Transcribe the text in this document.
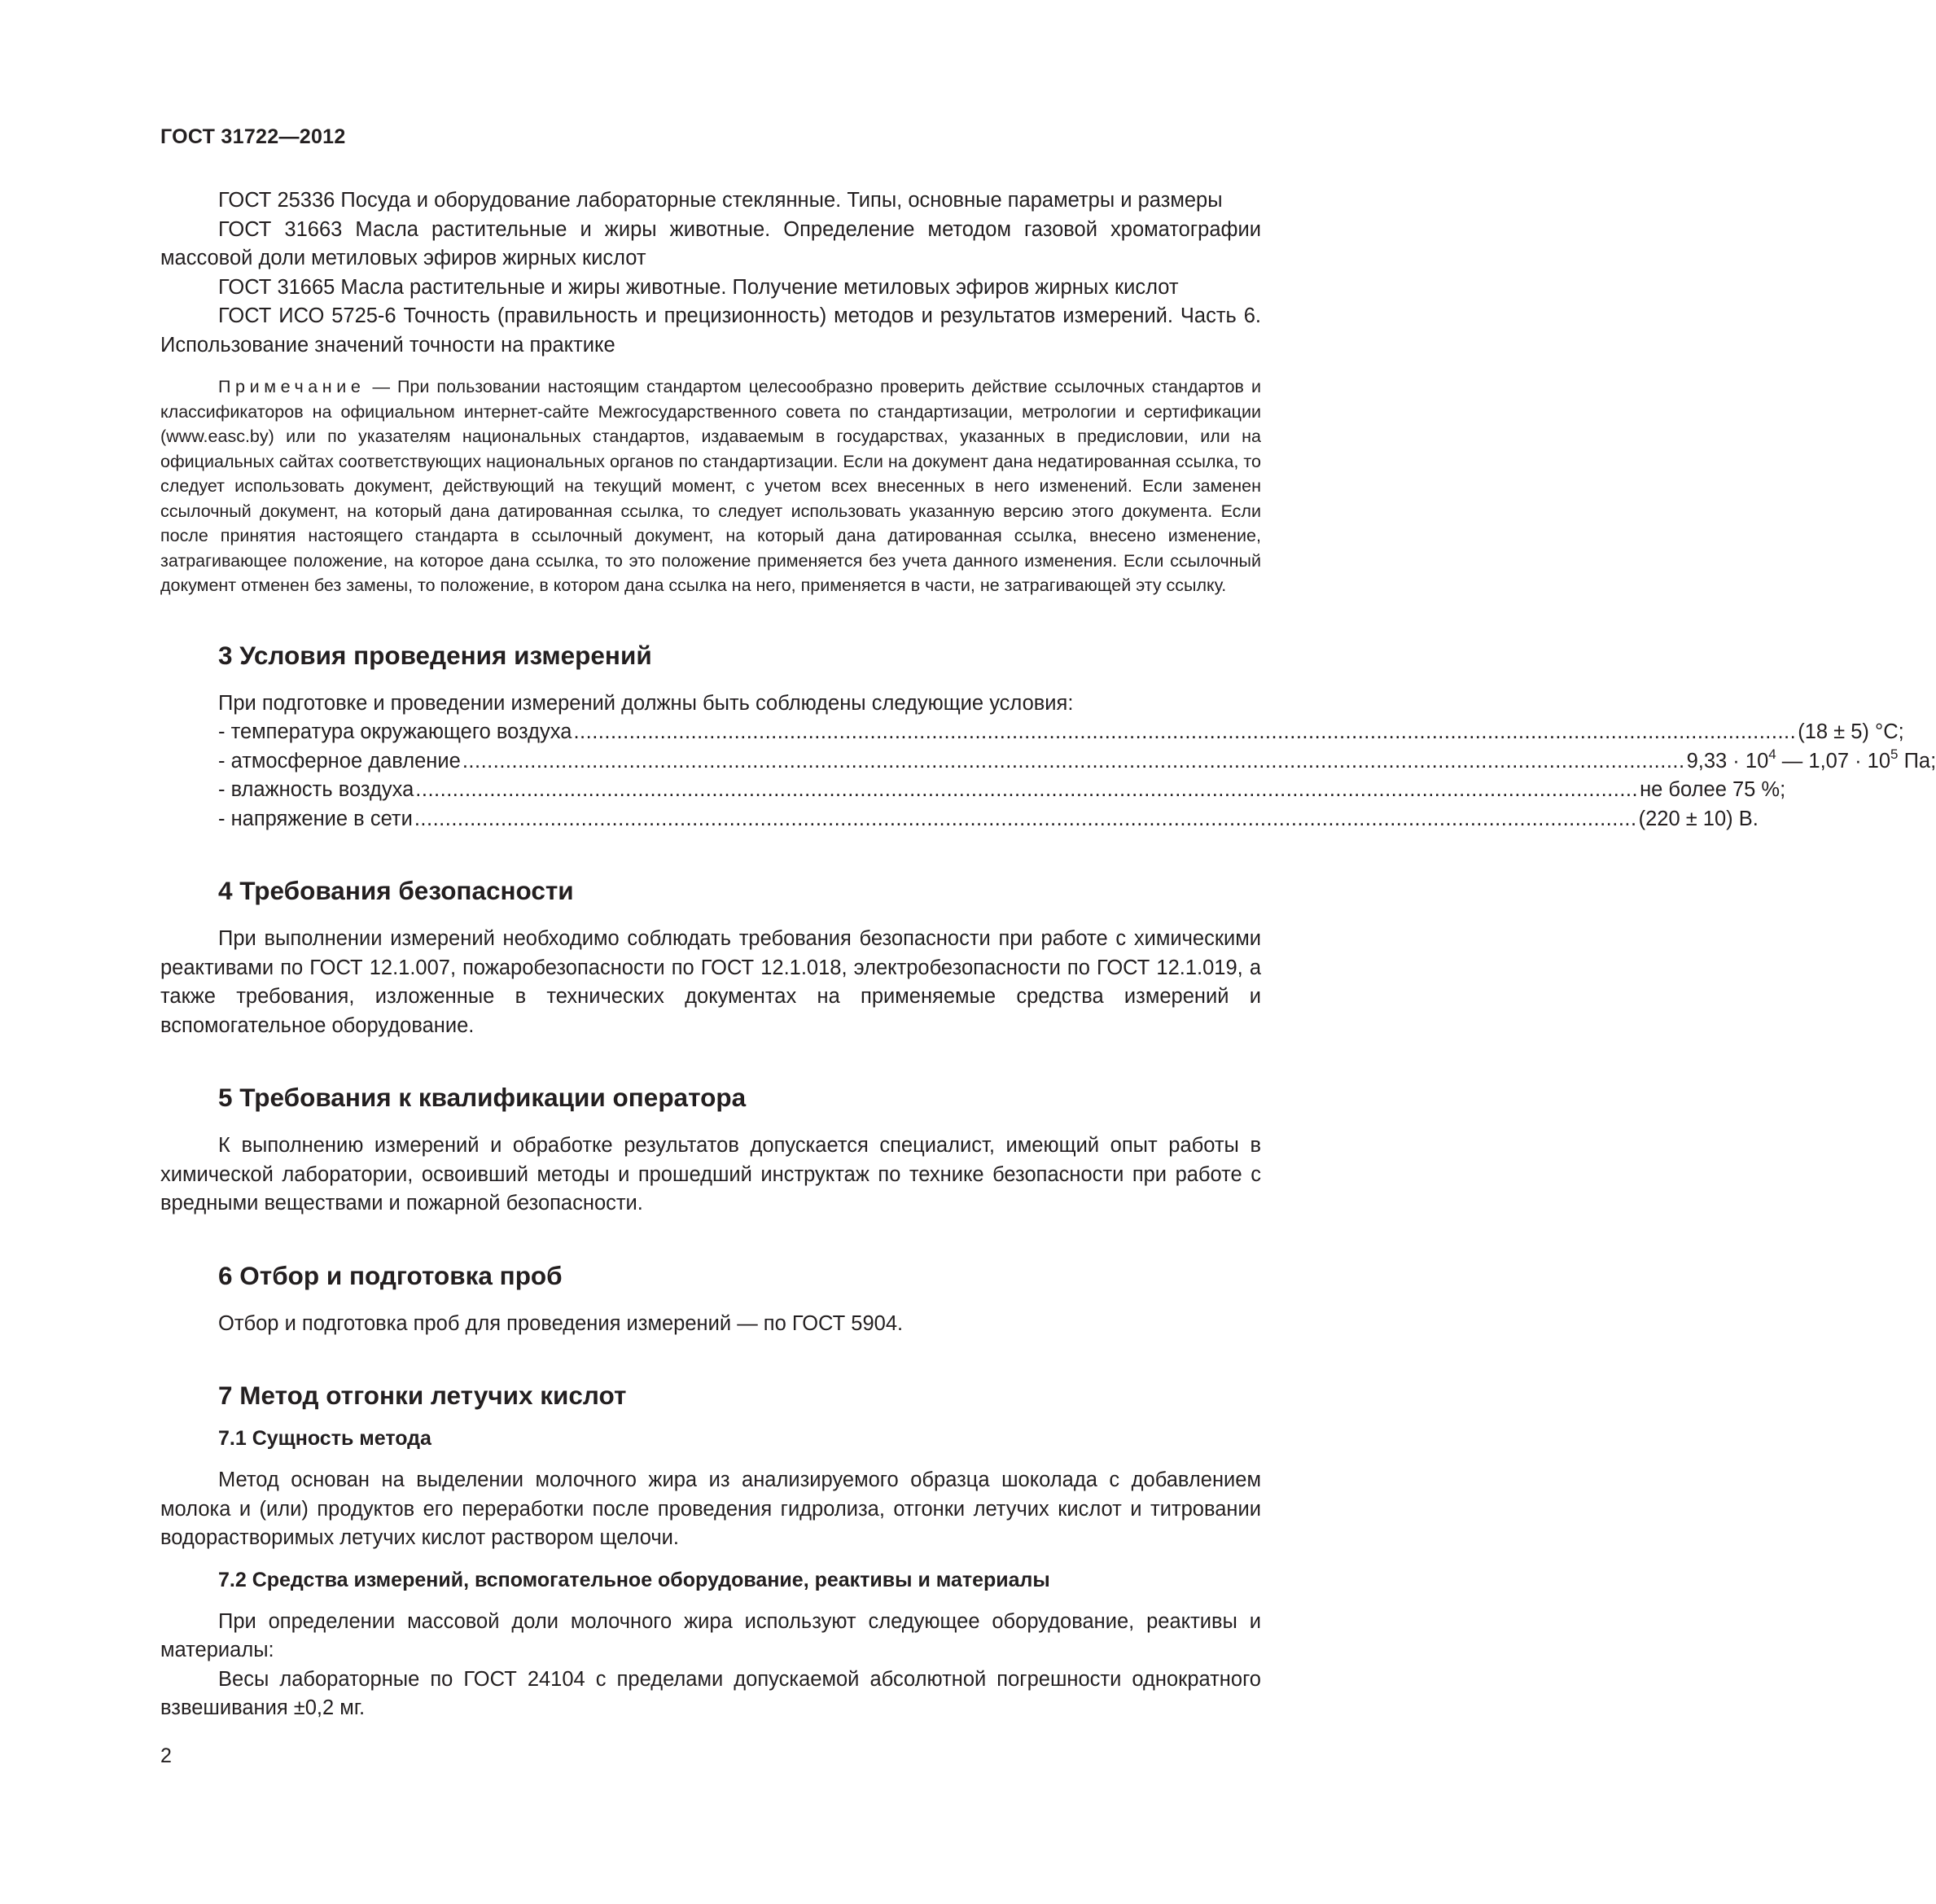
ГОСТ 31722—2012

ГОСТ 25336 Посуда и оборудование лабораторные стеклянные. Типы, основные параметры и размеры

ГОСТ 31663 Масла растительные и жиры животные. Определение методом газовой хроматографии массовой доли метиловых эфиров жирных кислот

ГОСТ 31665 Масла растительные и жиры животные. Получение метиловых эфиров жирных кислот

ГОСТ ИСО 5725-6 Точность (правильность и прецизионность) методов и результатов измерений. Часть 6. Использование значений точности на практике

Примечание — При пользовании настоящим стандартом целесообразно проверить действие ссылочных стандартов и классификаторов на официальном интернет-сайте Межгосударственного совета по стандартизации, метрологии и сертификации (www.easc.by) или по указателям национальных стандартов, издаваемым в государствах, указанных в предисловии, или на официальных сайтах соответствующих национальных органов по стандартизации. Если на документ дана недатированная ссылка, то следует использовать документ, действующий на текущий момент, с учетом всех внесенных в него изменений. Если заменен ссылочный документ, на который дана датированная ссылка, то следует использовать указанную версию этого документа. Если после принятия настоящего стандарта в ссылочный документ, на который дана датированная ссылка, внесено изменение, затрагивающее положение, на которое дана ссылка, то это положение применяется без учета данного изменения. Если ссылочный документ отменен без замены, то положение, в котором дана ссылка на него, применяется в части, не затрагивающей эту ссылку.

3 Условия проведения измерений

При подготовке и проведении измерений должны быть соблюдены следующие условия:

- температура окружающего воздуха ...................................................................................................................................................................................................... (18 ± 5) °C;
- атмосферное давление ...................................................................................................................................................................................................... $9,33 \cdot 10^4$ — $1,07 \cdot 10^5$ Па;
- влажность воздуха ...................................................................................................................................................................................................... не более 75 %;
- напряжение в сети ...................................................................................................................................................................................................... (220 ± 10) В.
4 Требования безопасности

При выполнении измерений необходимо соблюдать требования безопасности при работе с химическими реактивами по ГОСТ 12.1.007, пожаробезопасности по ГОСТ 12.1.018, электробезопасности по ГОСТ 12.1.019, а также требования, изложенные в технических документах на применяемые средства измерений и вспомогательное оборудование.

5 Требования к квалификации оператора

К выполнению измерений и обработке результатов допускается специалист, имеющий опыт работы в химической лаборатории, освоивший методы и прошедший инструктаж по технике безопасности при работе с вредными веществами и пожарной безопасности.

6 Отбор и подготовка проб

Отбор и подготовка проб для проведения измерений — по ГОСТ 5904.

7 Метод отгонки летучих кислот
7.1 Сущность метода

Метод основан на выделении молочного жира из анализируемого образца шоколада с добавлением молока и (или) продуктов его переработки после проведения гидролиза, отгонки летучих кислот и титровании водорастворимых летучих кислот раствором щелочи.

7.2 Средства измерений, вспомогательное оборудование, реактивы и материалы

При определении массовой доли молочного жира используют следующее оборудование, реактивы и материалы:

Весы лабораторные по ГОСТ 24104 с пределами допускаемой абсолютной погрешности однократного взвешивания ±0,2 мг.

2
